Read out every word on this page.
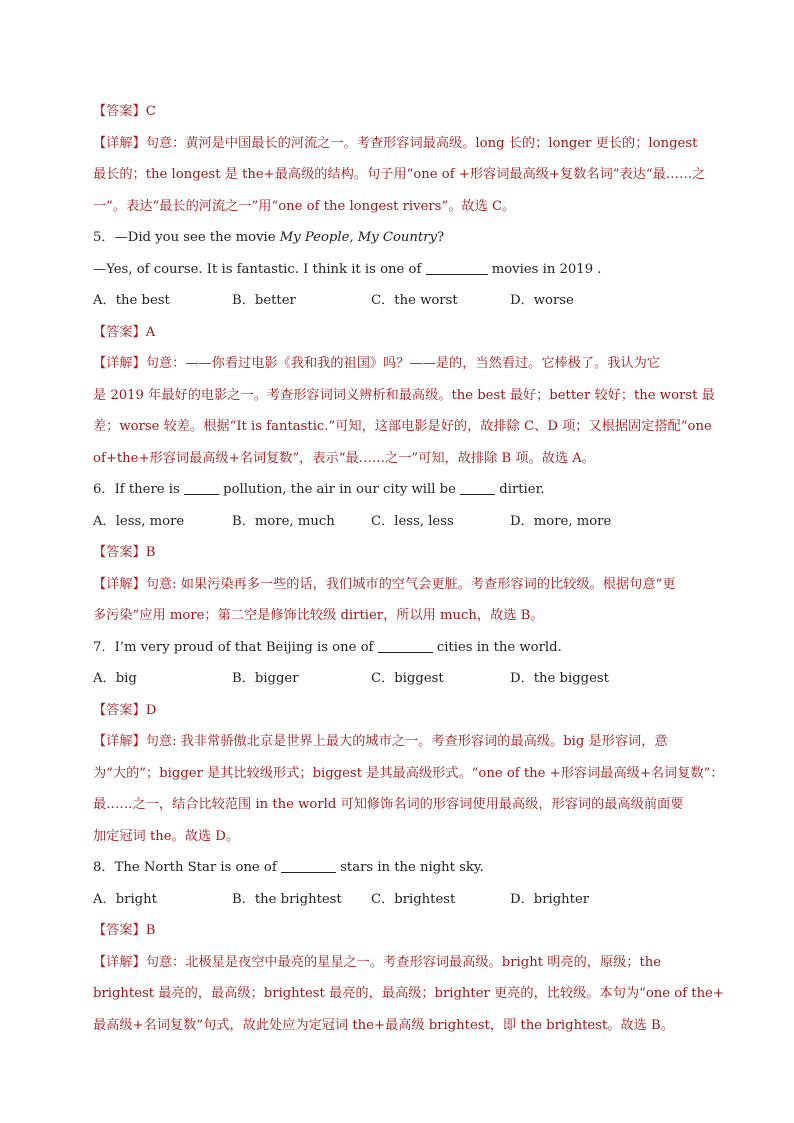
【答案】C
【详解】句意：黄河是中国最长的河流之一。考查形容词最高级。long 长的；longer 更长的；longest
最长的；the longest 是 the+最高级的结构。句子用“one of +形容词最高级+复数名词”表达“最……之
一”。表达“最长的河流之一”用“one of the longest rivers”。故选 C。
5．—Did you see the movie My People, My Country?
—Yes, of course. It is fantastic. I think it is one of	movies in 2019 .
A．the best	B．better	C．the worst	D．worse
【答案】A
【详解】句意：——你看过电影《我和我的祖国》吗？——是的，当然看过。它棒极了。我认为它
是 2019 年最好的电影之一。考查形容词词义辨析和最高级。the best 最好；better 较好；the worst 最
差；worse 较差。根据“It is fantastic.”可知，这部电影是好的，故排除 C、D 项；又根据固定搭配“one
of+the+形容词最高级+名词复数”，表示“最……之一”可知，故排除 B 项。故选 A。
6．If there is	pollution, the air in our city will be	dirtier.
A．less, more	B．more, much	C．less, less	D．more, more
【答案】B
【详解】句意: 如果污染再多一些的话，我们城市的空气会更脏。考查形容词的比较级。根据句意“更
多污染”应用 more；第二空是修饰比较级 dirtier，所以用 much，故选 B。
7．I’m very proud of that Beijing is one of	cities in the world.
A．big	B．bigger	C．biggest	D．the biggest
【答案】D
【详解】句意: 我非常骄傲北京是世界上最大的城市之一。考查形容词的最高级。big 是形容词，意
为“大的”；bigger 是其比较级形式；biggest 是其最高级形式。“one of the +形容词最高级+名词复数”：
最……之一，结合比较范围 in the world 可知修饰名词的形容词使用最高级，形容词的最高级前面要
加定冠词 the。故选 D。
8．The North Star is one of	stars in the night sky.
A．bright	B．the brightest	C．brightest	D．brighter
【答案】B
【详解】句意：北极星是夜空中最亮的星星之一。考查形容词最高级。bright 明亮的，原级；the
brightest 最亮的，最高级；brightest 最亮的，最高级；brighter 更亮的，比较级。本句为“one of the+
最高级+名词复数”句式，故此处应为定冠词 the+最高级 brightest，即 the brightest。故选 B。
